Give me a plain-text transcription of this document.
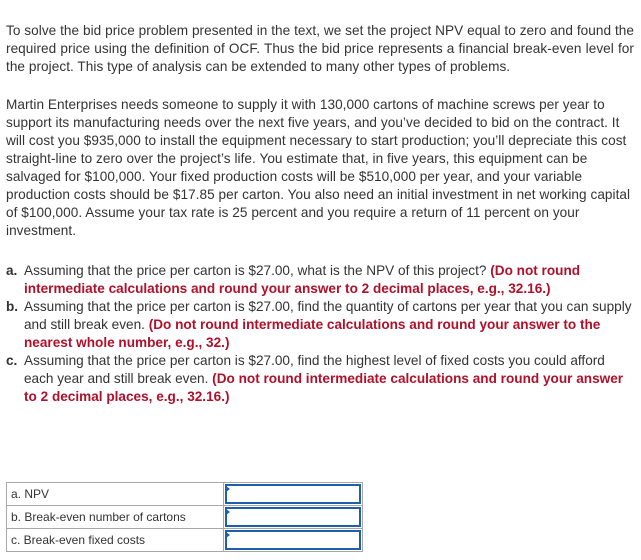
To solve the bid price problem presented in the text, we set the project NPV equal to zero and found the required price using the definition of OCF. Thus the bid price represents a financial break-even level for the project. This type of analysis can be extended to many other types of problems.

Martin Enterprises needs someone to supply it with 130,000 cartons of machine screws per year to support its manufacturing needs over the next five years, and you’ve decided to bid on the contract. It will cost you $935,000 to install the equipment necessary to start production; you’ll depreciate this cost straight-line to zero over the project’s life. You estimate that, in five years, this equipment can be salvaged for $100,000. Your fixed production costs will be $510,000 per year, and your variable production costs should be $17.85 per carton. You also need an initial investment in net working capital of $100,000. Assume your tax rate is 25 percent and you require a return of 11 percent on your investment.

a. Assuming that the price per carton is $27.00, what is the NPV of this project? (Do not round intermediate calculations and round your answer to 2 decimal places, e.g., 32.16.)
b. Assuming that the price per carton is $27.00, find the quantity of cartons per year that you can supply and still break even. (Do not round intermediate calculations and round your answer to the nearest whole number, e.g., 32.)
c. Assuming that the price per carton is $27.00, find the highest level of fixed costs you could afford each year and still break even. (Do not round intermediate calculations and round your answer to 2 decimal places, e.g., 32.16.)
a. NPV	

b. Break-even number of cartons	

c. Break-even fixed costs	
